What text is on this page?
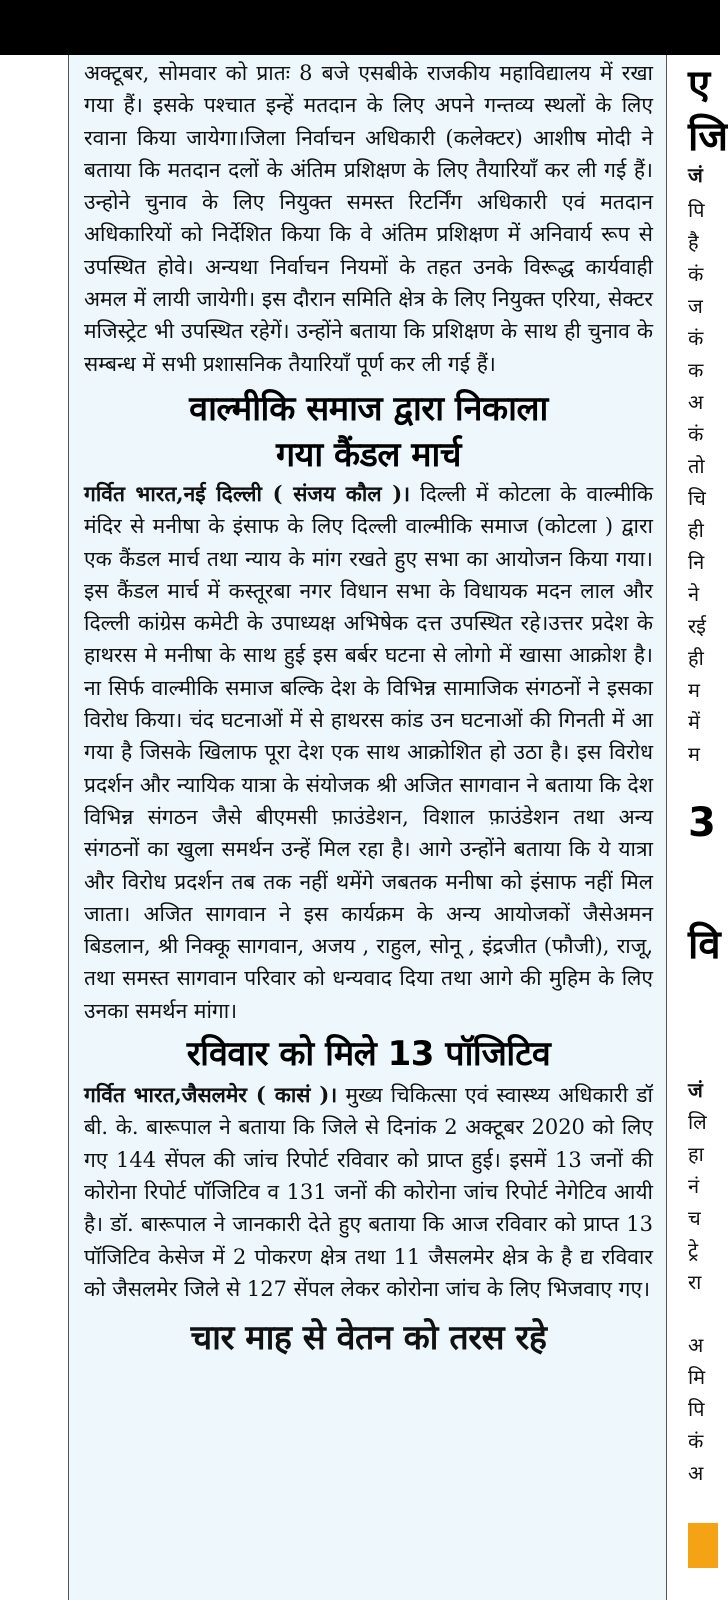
अक्टूबर, सोमवार को प्रातः 8 बजे एसबीके राजकीय महाविद्यालय में रखा गया हैं। इसके पश्चात इन्हें मतदान के लिए अपने गन्तव्य स्थलों के लिए रवाना किया जायेगा।जिला निर्वाचन अधिकारी (कलेक्टर) आशीष मोदी ने बताया कि मतदान दलों के अंतिम प्रशिक्षण के लिए तैयारियाँ कर ली गई हैं। उन्होने चुनाव के लिए नियुक्त समस्त रिटर्निंग अधिकारी एवं मतदान अधिकारियों को निर्देशित किया कि वे अंतिम प्रशिक्षण में अनिवार्य रूप से उपस्थित होवे। अन्यथा निर्वाचन नियमों के तहत उनके विरूद्ध कार्यवाही अमल में लायी जायेगी। इस दौरान समिति क्षेत्र के लिए नियुक्त एरिया, सेक्टर मजिस्ट्रेट भी उपस्थित रहेगें। उन्होंने बताया कि प्रशिक्षण के साथ ही चुनाव के सम्बन्ध में सभी प्रशासनिक तैयारियाँ पूर्ण कर ली गई हैं।

वाल्मीकि समाज द्वारा निकाला
गया कैंडल मार्च

गर्वित भारत,नई दिल्ली ( संजय कौल )। दिल्ली में कोटला के वाल्मीकि मंदिर से मनीषा के इंसाफ के लिए दिल्ली वाल्मीकि समाज (कोटला ) द्वारा एक कैंडल मार्च तथा न्याय के मांग रखते हुए सभा का आयोजन किया गया। इस कैंडल मार्च में कस्तूरबा नगर विधान सभा के विधायक मदन लाल और दिल्ली कांग्रेस कमेटी के उपाध्यक्ष अभिषेक दत्त उपस्थित रहे।उत्तर प्रदेश के हाथरस मे मनीषा के साथ हुई इस बर्बर घटना से लोगो में खासा आक्रोश है। ना सिर्फ वाल्मीकि समाज बल्कि देश के विभिन्न सामाजिक संगठनों ने इसका विरोध किया। चंद घटनाओं में से हाथरस कांड उन घटनाओं की गिनती में आ गया है जिसके खिलाफ पूरा देश एक साथ आक्रोशित हो उठा है। इस विरोध प्रदर्शन और न्यायिक यात्रा के संयोजक श्री अजित सागवान ने बताया कि देश विभिन्न संगठन जैसे बीएमसी फ़ाउंडेशन, विशाल फ़ाउंडेशन तथा अन्य संगठनों का खुला समर्थन उन्हें मिल रहा है। आगे उन्होंने बताया कि ये यात्रा और विरोध प्रदर्शन तब तक नहीं थमेंगे जबतक मनीषा को इंसाफ नहीं मिल जाता। अजित सागवान ने इस कार्यक्रम के अन्य आयोजकों जैसेअमन बिडलान, श्री निक्कू सागवान, अजय , राहुल, सोनू , इंद्रजीत (फौजी), राजू, तथा समस्त सागवान परिवार को धन्यवाद दिया तथा आगे की मुहिम के लिए उनका समर्थन मांगा।

रविवार को मिले 13 पॉजिटिव

गर्वित भारत,जैसलमेर ( कासं )। मुख्य चिकित्सा एवं स्वास्थ्य अधिकारी डॉ बी. के. बारूपाल ने बताया कि जिले से दिनांक 2 अक्टूबर 2020 को लिए गए 144 सेंपल की जांच रिपोर्ट रविवार को प्राप्त हुई। इसमें 13 जनों की कोरोना रिपोर्ट पॉजिटिव व 131 जनों की कोरोना जांच रिपोर्ट नेगेटिव आयी है। डॉ. बारूपाल ने जानकारी देते हुए बताया कि आज रविवार को प्राप्त 13 पॉजिटिव केसेज में 2 पोकरण क्षेत्र तथा 11 जैसलमेर क्षेत्र के है द्य रविवार को जैसलमेर जिले से 127 सेंपल लेकर कोरोना जांच के लिए भिजवाए गए।

चार माह से वेतन को तरस रहे
ए
जि
3
वि
जं
पि
है
कं
ज
कं
क
अ
कं
तो
चि
ही
नि
ने
रई
ही
म
में
म
जं
लि
हा
नं
च
ट्रे
रा
अ
मि
पि
कं
अ
